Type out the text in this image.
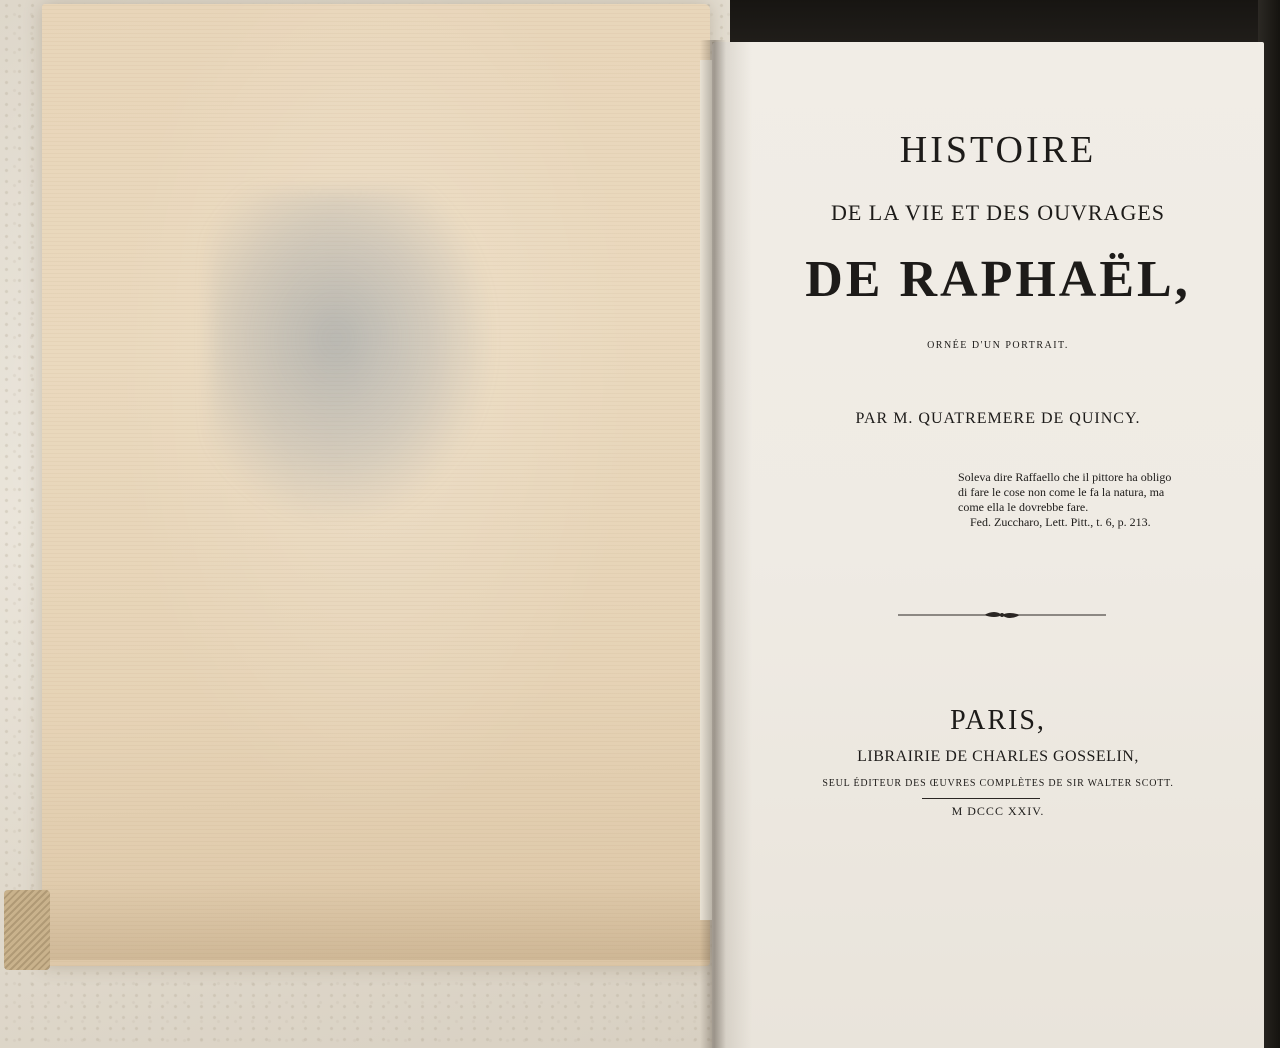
HISTOIRE
DE LA VIE ET DES OUVRAGES
DE RAPHAËL,
ORNÉE D'UN PORTRAIT.
PAR M. QUATREMERE DE QUINCY.
Soleva dire Raffaello che il pittore ha obligo
di fare le cose non come le fa la natura, ma
come ella le dovrebbe fare.
Fed. Zuccharo, Lett. Pitt., t. 6, p. 213.
PARIS,
LIBRAIRIE DE CHARLES GOSSELIN,
SEUL ÉDITEUR DES ŒUVRES COMPLÈTES DE SIR WALTER SCOTT.
M DCCC XXIV.
